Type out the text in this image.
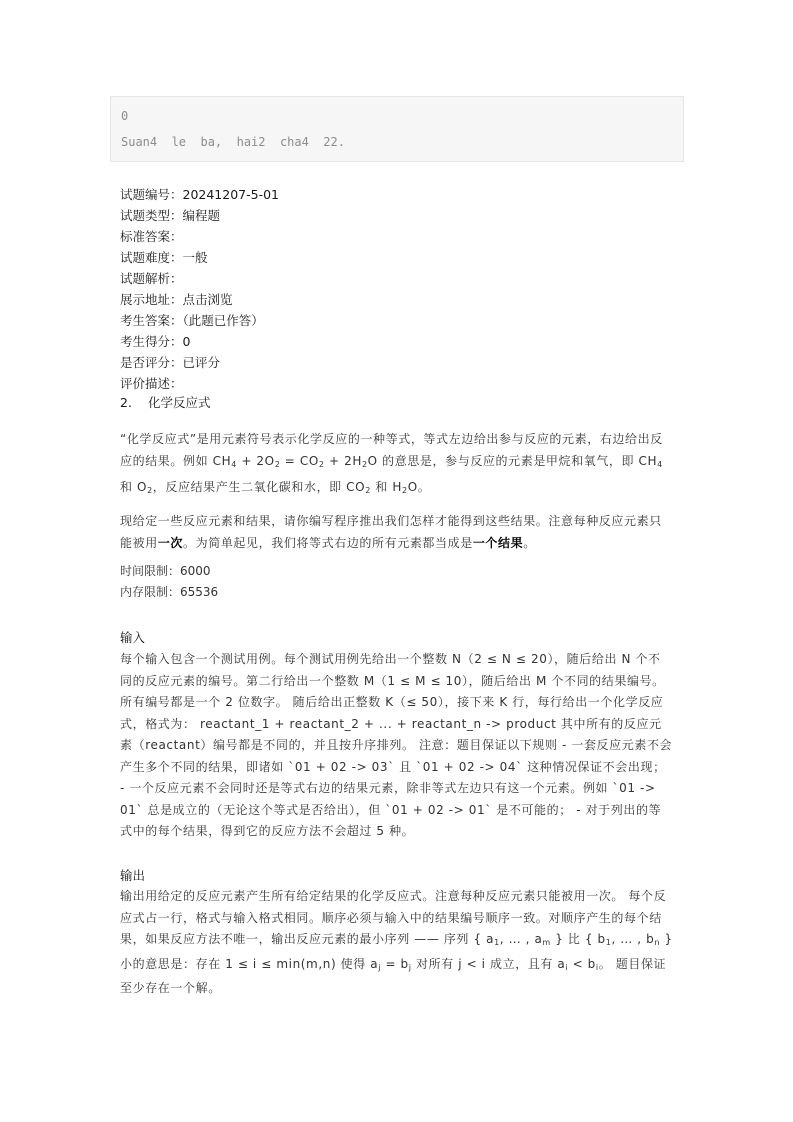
0
Suan4  le  ba,  hai2  cha4  22.
试题编号：20241207-5-01
试题类型：编程题
标准答案：
试题难度：一般
试题解析：
展示地址：点击浏览
考生答案：（此题已作答）
考生得分：0
是否评分：已评分
评价描述：
2. 化学反应式
“化学反应式”是用元素符号表示化学反应的一种等式，等式左边给出参与反应的元素，右边给出反应的结果。例如 $CH_4 + 2O_2 = CO_2 + 2H_2O$ 的意思是，参与反应的元素是甲烷和氧气，即 $CH_4$ 和 $O_2$，反应结果产生二氧化碳和水，即 $CO_2$ 和 $H_2O$。
现给定一些反应元素和结果，请你编写程序推出我们怎样才能得到这些结果。注意每种反应元素只能被用一次。为简单起见，我们将等式右边的所有元素都当成是一个结果。
时间限制：6000
内存限制：65536
输入
每个输入包含一个测试用例。每个测试用例先给出一个整数 N（2 ≤ N ≤ 20），随后给出 N 个不同的反应元素的编号。第二行给出一个整数 M（1 ≤ M ≤ 10），随后给出 M 个不同的结果编号。所有编号都是一个 2 位数字。 随后给出正整数 K（≤ 50），接下来 K 行，每行给出一个化学反应式，格式为： reactant_1 + reactant_2 + ... + reactant_n -> product 其中所有的反应元素（reactant）编号都是不同的，并且按升序排列。 注意：题目保证以下规则 - 一套反应元素不会产生多个不同的结果，即诸如 `01 + 02 -> 03` 且 `01 + 02 -> 04` 这种情况保证不会出现； - 一个反应元素不会同时还是等式右边的结果元素，除非等式左边只有这一个元素。例如 `01 -> 01` 总是成立的（无论这个等式是否给出），但 `01 + 02 -> 01` 是不可能的； - 对于列出的等式中的每个结果，得到它的反应方法不会超过 5 种。
输出
输出用给定的反应元素产生所有给定结果的化学反应式。注意每种反应元素只能被用一次。 每个反应式占一行，格式与输入格式相同。顺序必须与输入中的结果编号顺序一致。对顺序产生的每个结果，如果反应方法不唯一，输出反应元素的最小序列 —— 序列 { $a_1$, … , $a_m$ } 比 { $b_1$, … , $b_n$ } 小的意思是：存在 1 ≤ i ≤ min(m,n) 使得 $a_j = b_j$ 对所有 j < i 成立，且有 $a_i < b_i$。 题目保证至少存在一个解。
